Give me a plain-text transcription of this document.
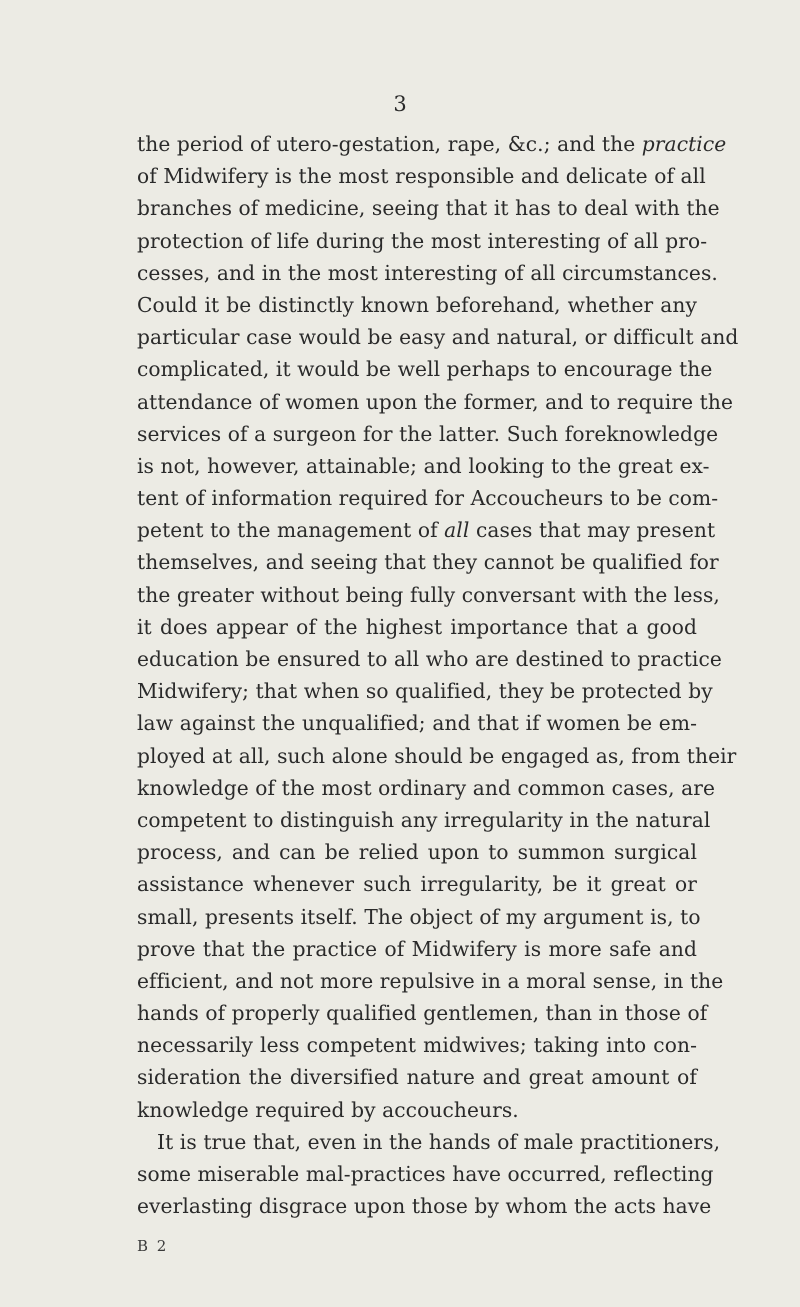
3
the period of utero-gestation, rape, &c.; and the practice
of Midwifery is the most responsible and delicate of all
branches of medicine, seeing that it has to deal with the
protection of life during the most interesting of all pro-
cesses, and in the most interesting of all circumstances.
Could it be distinctly known beforehand, whether any
particular case would be easy and natural, or difficult and
complicated, it would be well perhaps to encourage the
attendance of women upon the former, and to require the
services of a surgeon for the latter. Such foreknowledge
is not, however, attainable; and looking to the great ex-
tent of information required for Accoucheurs to be com-
petent to the management of all cases that may present
themselves, and seeing that they cannot be qualified for
the greater without being fully conversant with the less,
it does appear of the highest importance that a good
education be ensured to all who are destined to practice
Midwifery; that when so qualified, they be protected by
law against the unqualified; and that if women be em-
ployed at all, such alone should be engaged as, from their
knowledge of the most ordinary and common cases, are
competent to distinguish any irregularity in the natural
process, and can be relied upon to summon surgical
assistance whenever such irregularity, be it great or
small, presents itself. The object of my argument is, to
prove that the practice of Midwifery is more safe and
efficient, and not more repulsive in a moral sense, in the
hands of properly qualified gentlemen, than in those of
necessarily less competent midwives; taking into con-
sideration the diversified nature and great amount of
knowledge required by accoucheurs.
It is true that, even in the hands of male practitioners,
some miserable mal-practices have occurred, reflecting
everlasting disgrace upon those by whom the acts have
B 2
